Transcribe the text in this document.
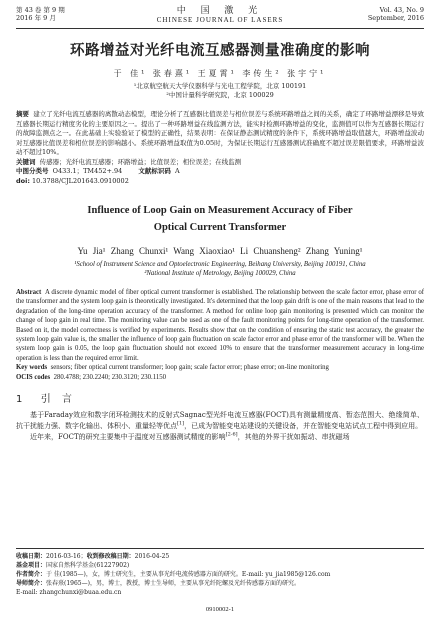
第 43 卷 第 9 期
2016 年 9 月
中 国 激 光
CHINESE JOURNAL OF LASERS
Vol. 43, No. 9
September, 2016
环路增益对光纤电流互感器测量准确度的影响
于 佳¹ 张春熹¹ 王夏霄¹ 李传生² 张宇宁¹

¹北京航空航天大学仪器科学与光电工程学院，北京 100191

²中国计量科学研究院，北京 100029

摘要 建立了光纤电流互感器的离散动态模型，理论分析了互感器比值误差与相位误差与系统环路增益之间的关系，确定了环路增益漂移是导致互感器长期运行精度劣化的主要原因之一。提出了一种环路增益在线监测方法，能实时检测环路增益的变化，监测值可以作为互感器长期运行的故障监测点之一。在此基础上实验验证了模型的正确性，结果表明：在保证静态测试精度的条件下，系统环路增益取值越大，环路增益波动对互感器比值误差和相位误差的影响越小。系统环路增益取值为0.05时，为保证长期运行互感器测试准确度不超过误差限值要求，环路增益波动不超过10%。
关键词 传感器；光纤电流互感器；环路增益；比值误差；相位误差；在线监测
中图分类号 O433.1；TM452+.94 文献标识码 A
doi: 10.3788/CJL201643.0910002
Influence of Loop Gain on Measurement Accuracy of Fiber
Optical Current Transformer
Yu Jia¹ Zhang Chunxi¹ Wang Xiaoxiao¹ Li Chuansheng² Zhang Yuning¹

¹School of Instrument Science and Optoelectronic Engineering, Beihang University, Beijing 100191, China

²National Institute of Metrology, Beijing 100029, China

Abstract A discrete dynamic model of fiber optical current transformer is established. The relationship between the scale factor error, phase error of the transformer and the system loop gain is theoretically investigated. It's determined that the loop gain drift is one of the main reasons that lead to the degradation of the long-time operation accuracy of the transformer. A method for online loop gain monitoring is presented which can monitor the change of loop gain in real time. The monitoring value can be used as one of the fault monitoring points for long-time operation of the transformer. Based on it, the model correctness is verified by experiments. Results show that on the condition of ensuring the static test accuracy, the greater the system loop gain value is, the smaller the influence of loop gain fluctuation on scale factor error and phase error of the transformer will be. When the system loop gain is 0.05, the loop gain fluctuation should not exceed 10% to ensure that the transformer measurement accuracy in long-time operation is less than the required error limit.
Key words sensors; fiber optical current transformer; loop gain; scale factor error; phase error; on-line monitoring
OCIS codes 280.4788; 230.2240; 230.3120; 230.1150
1 引 言

基于Faraday效应和数字闭环检测技术的反射式Sagnac型光纤电流互感器(FOCT)具有测量精度高、暂态范围大、绝缘简单、抗干扰能力强、数字化输出、体积小、重量轻等优点[1]，已成为智能变电站建设的关键设备，并在智能变电站试点工程中得到应用。

近年来，FOCT的研究主要集中于温度对互感器测试精度的影响[2-6]，其他的外界干扰如振动、串扰磁场

收稿日期：2016-03-16；收到修改稿日期：2016-04-25
基金项目：国家自然科学基金(61227902)
作者简介：于 佳(1985—)，女，博士研究生，主要从事光纤电流传感器方面的研究。E-mail: yu_jia1985@126.com
导师简介：张春熹(1965—)，男，博士，教授，博士生导师，主要从事光纤陀螺及光纤传感器方面的研究。
E-mail: zhangchunxi@buaa.edu.cn
0910002-1
